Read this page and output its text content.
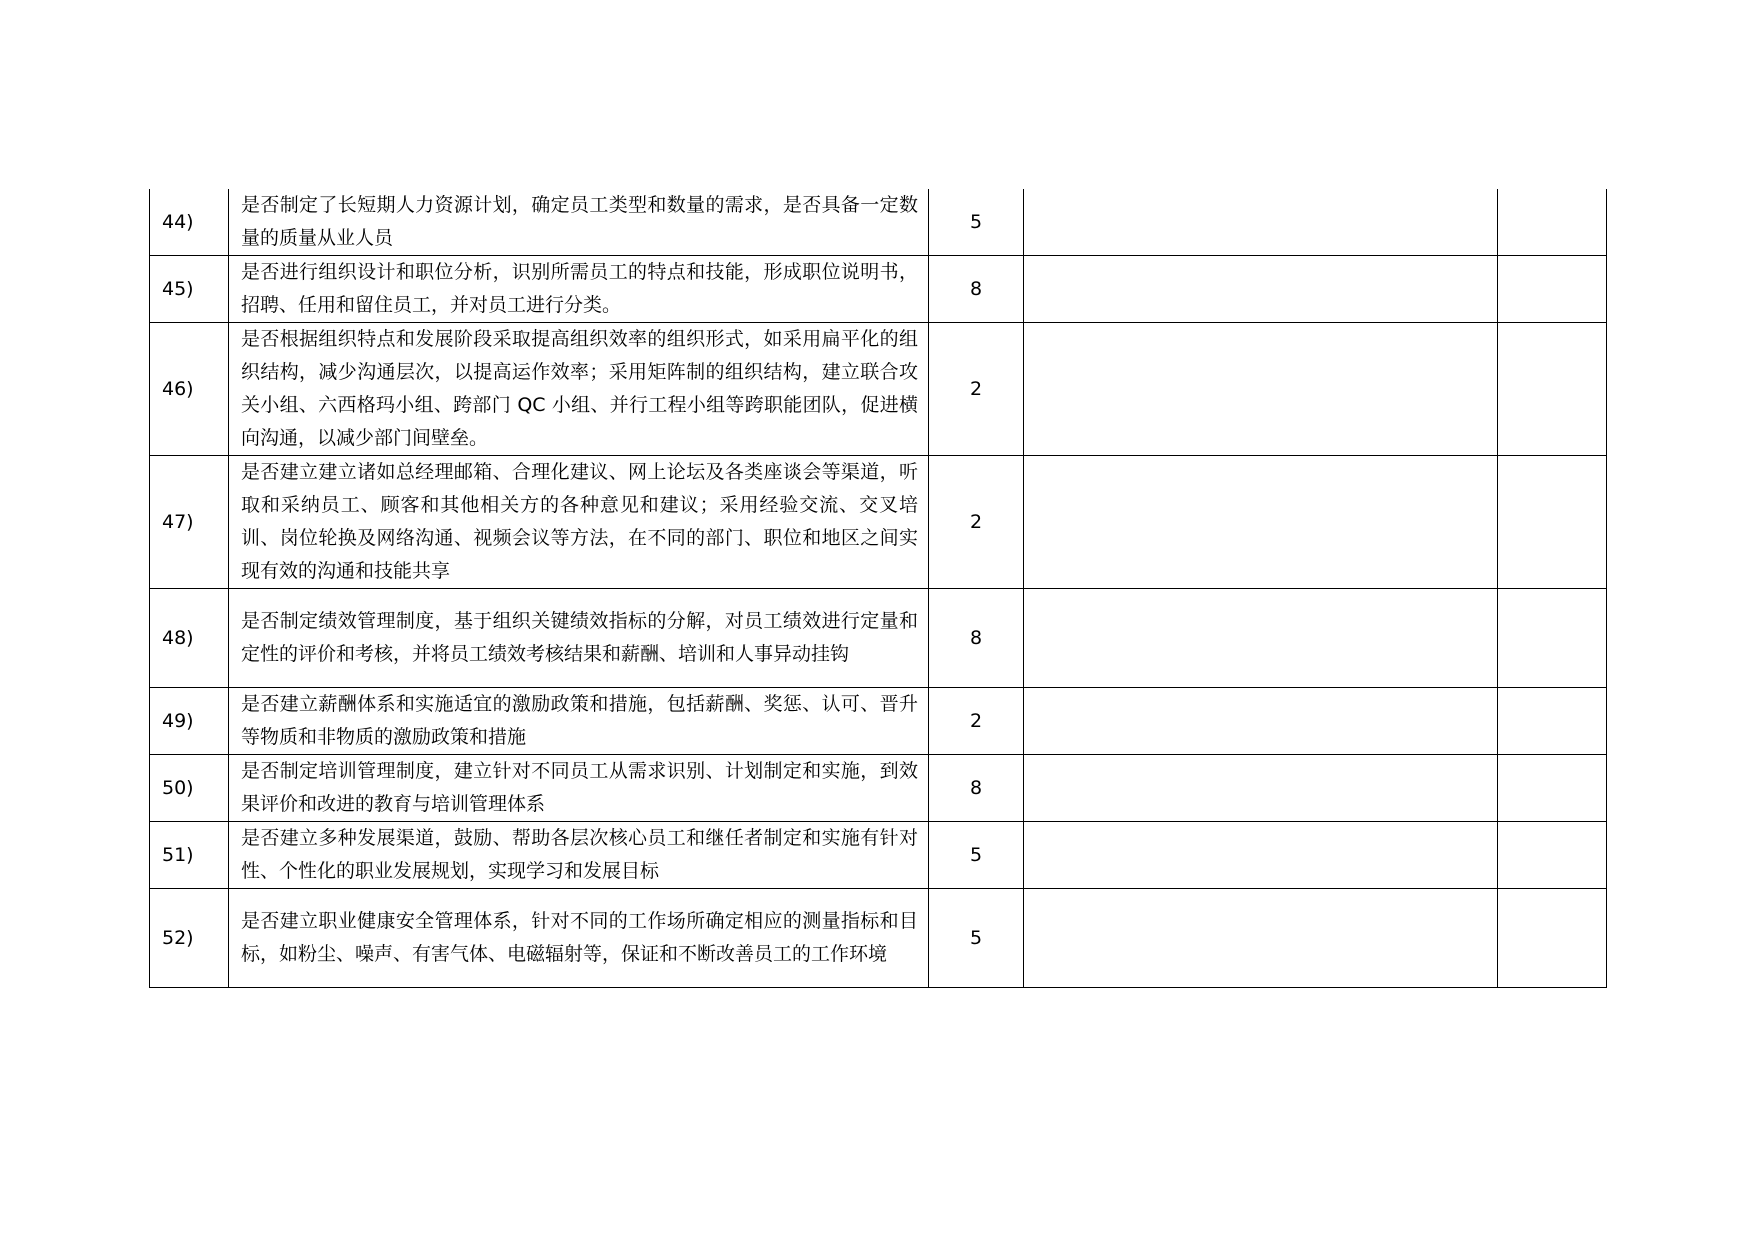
44)	是否制定了长短期人力资源计划，确定员工类型和数量的需求，是否具备一定数量的质量从业人员	5		
45)	是否进行组织设计和职位分析，识别所需员工的特点和技能，形成职位说明书，招聘、任用和留住员工，并对员工进行分类。	8		
46)	是否根据组织特点和发展阶段采取提高组织效率的组织形式，如采用扁平化的组织结构，减少沟通层次，以提高运作效率；采用矩阵制的组织结构，建立联合攻关小组、六西格玛小组、跨部门 QC 小组、并行工程小组等跨职能团队，促进横向沟通，以减少部门间壁垒。	2		
47)	是否建立建立诸如总经理邮箱、合理化建议、网上论坛及各类座谈会等渠道，听取和采纳员工、顾客和其他相关方的各种意见和建议；采用经验交流、交叉培训、岗位轮换及网络沟通、视频会议等方法，在不同的部门、职位和地区之间实现有效的沟通和技能共享	2		
48)	是否制定绩效管理制度，基于组织关键绩效指标的分解，对员工绩效进行定量和定性的评价和考核，并将员工绩效考核结果和薪酬、培训和人事异动挂钩	8		
49)	是否建立薪酬体系和实施适宜的激励政策和措施，包括薪酬、奖惩、认可、晋升等物质和非物质的激励政策和措施	2		
50)	是否制定培训管理制度，建立针对不同员工从需求识别、计划制定和实施，到效果评价和改进的教育与培训管理体系	8		
51)	是否建立多种发展渠道，鼓励、帮助各层次核心员工和继任者制定和实施有针对性、个性化的职业发展规划，实现学习和发展目标	5		
52)	是否建立职业健康安全管理体系，针对不同的工作场所确定相应的测量指标和目标，如粉尘、噪声、有害气体、电磁辐射等，保证和不断改善员工的工作环境	5		
